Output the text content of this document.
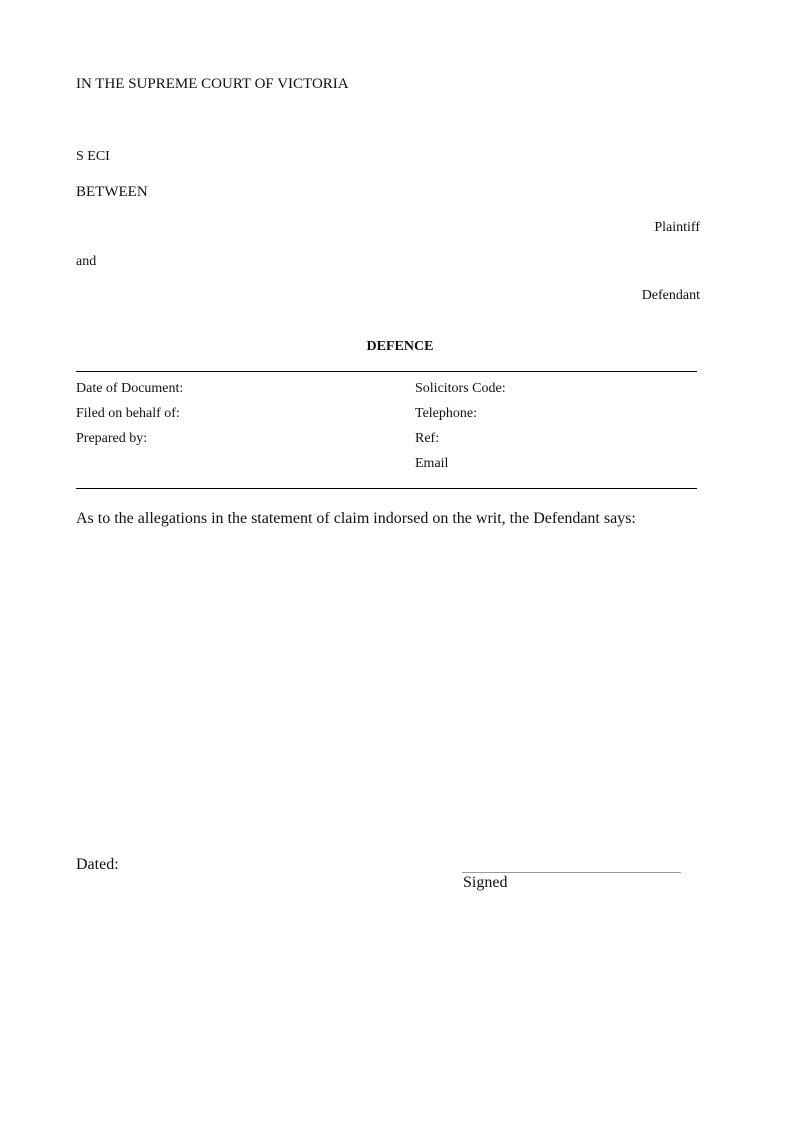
IN THE SUPREME COURT OF VICTORIA
S ECI
BETWEEN
Plaintiff
and
Defendant
DEFENCE
Date of Document:
Filed on behalf of:
Prepared by:
Solicitors Code:
Telephone:
Ref:
Email
As to the allegations in the statement of claim indorsed on the writ, the Defendant says:
Dated:
Signed
